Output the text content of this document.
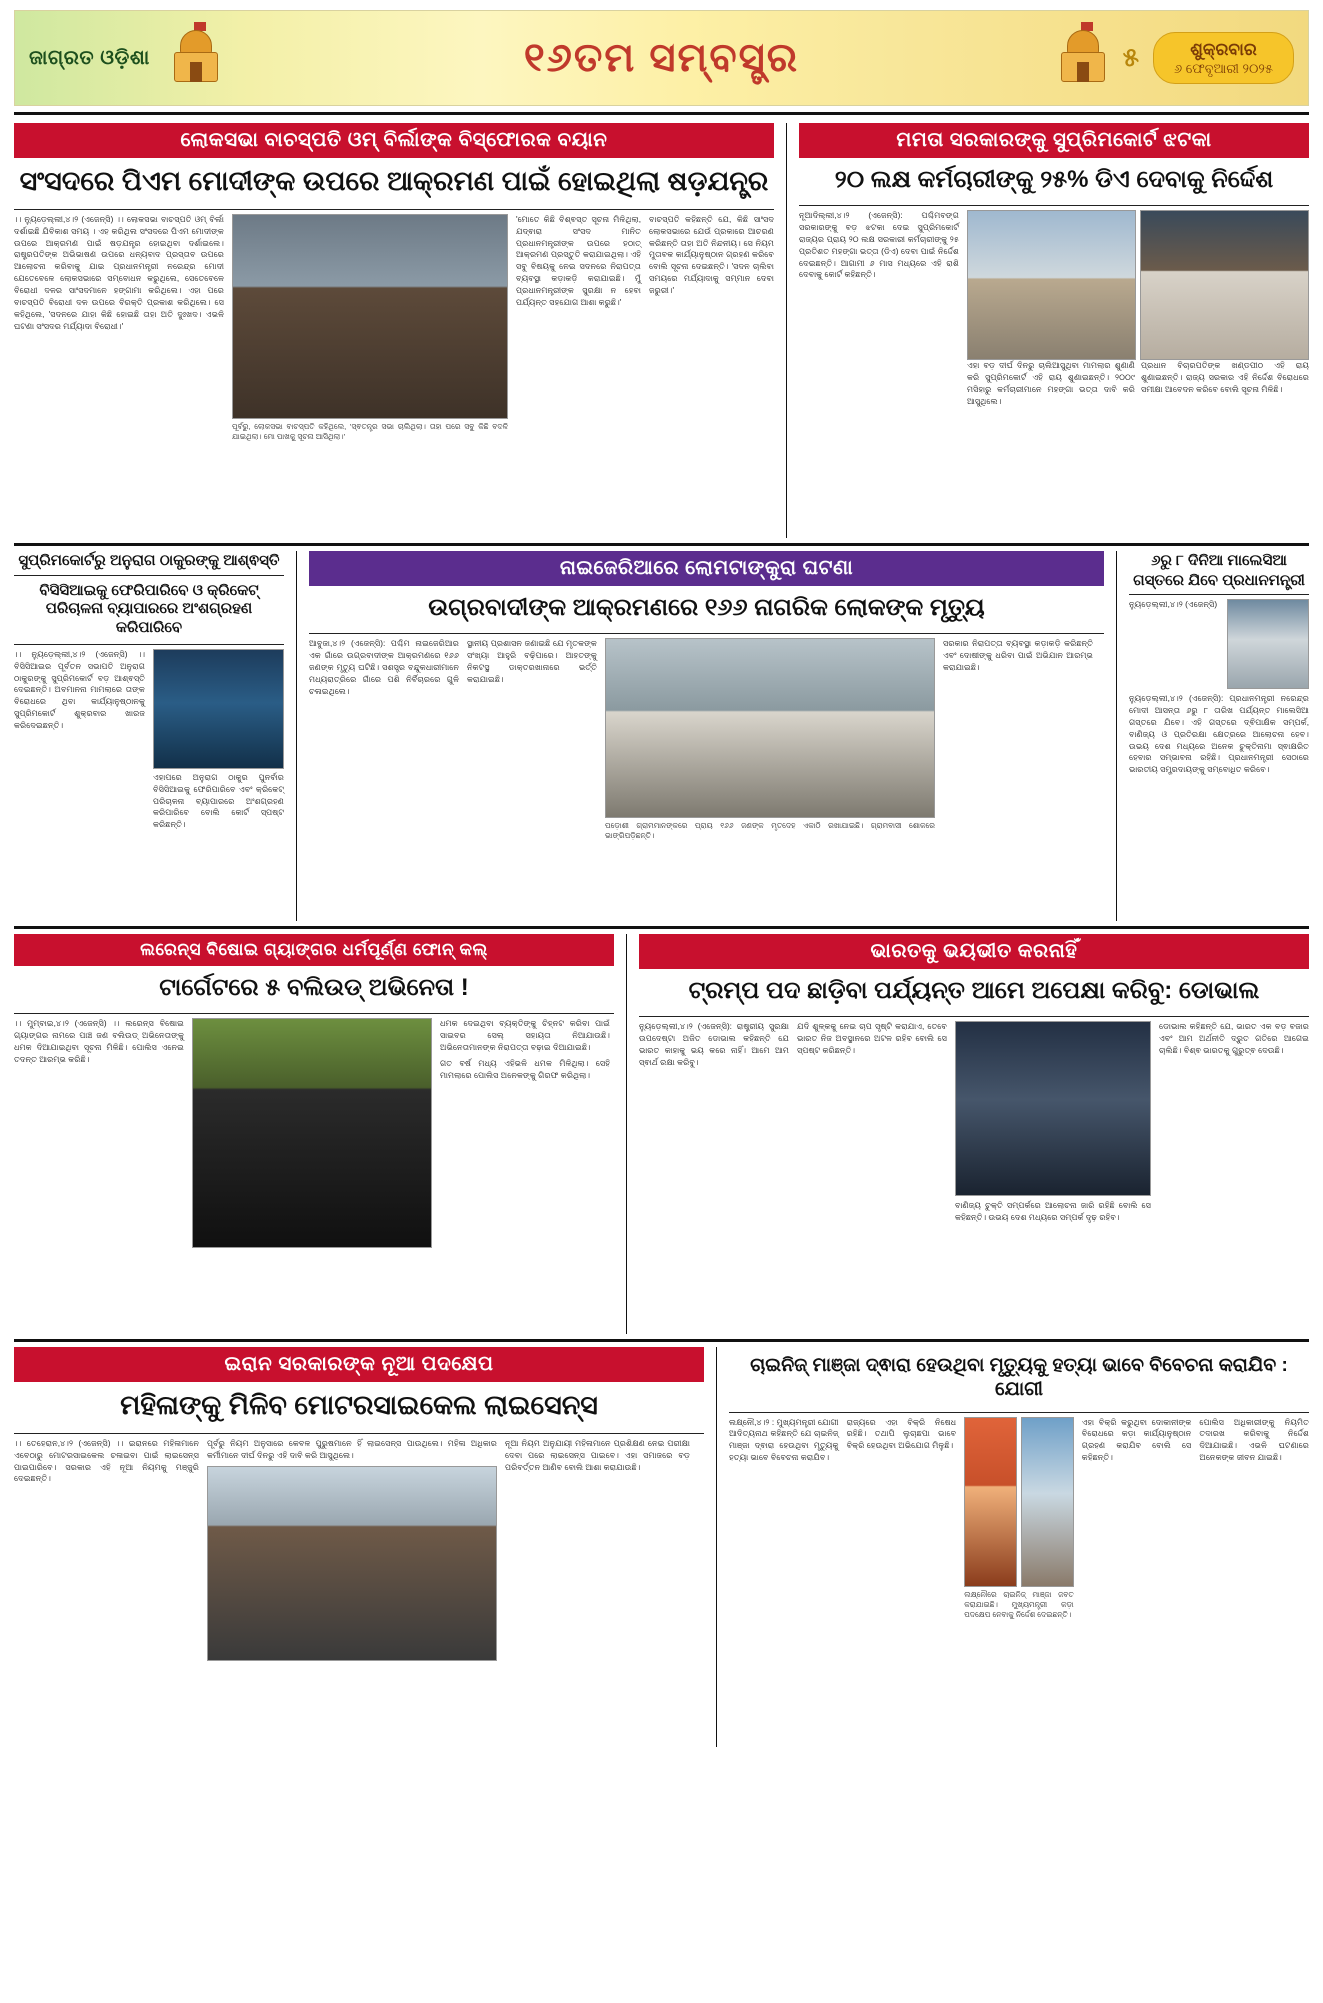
ଜାଗ୍ରତ ଓଡ଼ିଶା	୧୬ତମ ସମ୍ବସ୍ତ୍ର	୫	ଶୁକ୍ରବାର
୬ ଫେବୃଆରୀ ୨୦୨୫
ଲୋକସଭା ବାଚସ୍ପତି ଓମ୍ ବିର୍ଲାଙ୍କ ବିସ୍ଫୋରକ ବୟାନ
ସଂସଦରେ ପିଏମ ମୋଦୀଙ୍କ ଉପରେ ଆକ୍ରମଣ ପାଇଁ ହୋଇଥିଲା ଷଡ଼ଯନ୍ତ୍ର
।। ନ୍ୟୁଡ଼େଲ୍ଲୀ,୪।୨ (ଏଜେନ୍ସି) ।। ଲୋକସଭା ବାଚସ୍ପତି ଓମ୍ ବିର୍ଲା ଦର୍ଶାଇଛି ଯିବିକାଶ ସମୟ । ଏହ କରିଥିଲ ସଂସଦରେ ପିଏମ ମୋଦୀଙ୍କ ଉପରେ ଆକ୍ରମଣ ପାଇଁ ଷଡ଼ଯନ୍ତ୍ର ହୋଇଥିବା ଦର୍ଶାଇଲେ। ରାଷ୍ଟ୍ରପତିଙ୍କ ଅଭିଭାଷଣ ଉପରେ ଧନ୍ୟବାଦ ପ୍ରସ୍ତାବ ଉପରେ ଆଲୋଚନା କରିବାକୁ ଯାଇ ପ୍ରଧାନମନ୍ତ୍ରୀ ନରେନ୍ଦ୍ର ମୋଦୀ ଯେତେବେଳେ ଲୋକସଭାରେ ସମ୍ବୋଧନ କରୁଥିଲେ, ସେତେବେଳେ ବିରୋଧୀ ଦଳର ସାଂସଦମାନେ ହଙ୍ଗାମା କରିଥିଲେ। ଏହା ପରେ ବାଚସ୍ପତି ବିରୋଧୀ ଦଳ ଉପରେ ବିରକ୍ତି ପ୍ରକାଶ କରିଥିଲେ। ସେ କହିଥିଲେ, 'ସଦନରେ ଯାହା କିଛି ହୋଇଛି ତାହା ଅତି ଦୁଃଖଦ। ଏଭଳି ଘଟଣା ସଂସଦର ମର୍ଯ୍ୟାଦା ବିରୋଧୀ।'
ପୂର୍ବରୁ, ଲୋକସଭା ବାଚସ୍ପତି କହିଥିଲେ, 'ସ୍ଵତନ୍ତ୍ର ସଭା ଚାଲିଥିଲା। ତାହା ପରେ ସବୁ କିଛି ବଦଳି ଯାଇଥିଲା। ମୋ ପାଖକୁ ସୂଚନା ଆସିଥିଲା।'
'ମୋତେ କିଛି ବିଶ୍ଵସ୍ତ ସୂଚନା ମିଳିଥିଲା, ଯଦ୍ଵାରା ସଂସଦ ମାନିତ ପ୍ରଧାନମନ୍ତ୍ରୀଙ୍କ ଉପରେ ହଠାତ୍ ଆକ୍ରମଣ ପ୍ରସ୍ତୁତି କରାଯାଇଥିଲା। ଏହି ସବୁ ବିଷୟକୁ ନେଇ ସଦନରେ ନିରାପତ୍ତା ବ୍ୟବସ୍ଥା କଡ଼ାକଡ଼ି କରାଯାଇଛି। ମୁଁ ପ୍ରଧାନମନ୍ତ୍ରୀଙ୍କ ସୁରକ୍ଷା ନ ହେବା ପର୍ଯ୍ୟନ୍ତ ସହଯୋଗ ଆଶା କରୁଛି।'
ବାଚସ୍ପତି କହିଛନ୍ତି ଯେ, କିଛି ସାଂସଦ ଲୋକସଭାରେ ଯେଉଁ ପ୍ରକାରେ ଆଚରଣ କରିଛନ୍ତି ତାହା ଅତି ନିନ୍ଦନୀୟ। ସେ ନିୟମ ମୁତାବକ କାର୍ଯ୍ୟାନୁଷ୍ଠାନ ଗ୍ରହଣ କରିବେ ବୋଲି ସୂଚନା ଦେଇଛନ୍ତି। 'ସଦନ ଚାଲିବା ସମୟରେ ମର୍ଯ୍ୟାଦାକୁ ସମ୍ମାନ ଦେବା ଜରୁରୀ।'
ମମତା ସରକାରଙ୍କୁ ସୁପ୍ରିମକୋର୍ଟ ଝଟକା
୨୦ ଲକ୍ଷ କର୍ମଚାରୀଙ୍କୁ ୨୫% ଡିଏ ଦେବାକୁ ନିର୍ଦ୍ଦେଶ
ନୂଆଦିଲ୍ଲୀ,୪।୨ (ଏଜେନ୍ସି): ପଶ୍ଚିମବଙ୍ଗ ସରକାରଙ୍କୁ ବଡ଼ ଝଟକା ଦେଇ ସୁପ୍ରିମକୋର୍ଟ ରାଜ୍ୟର ପ୍ରାୟ ୨୦ ଲକ୍ଷ ସରକାରୀ କର୍ମଚାରୀଙ୍କୁ ୨୫ ପ୍ରତିଶତ ମହଙ୍ଗା ଭତ୍ତା (ଡିଏ) ଦେବା ପାଇଁ ନିର୍ଦ୍ଦେଶ ଦେଇଛନ୍ତି। ଆଗାମୀ ୬ ମାସ ମଧ୍ୟରେ ଏହି ରାଶି ଦେବାକୁ କୋର୍ଟ କହିଛନ୍ତି।
ଏହା ବଡ଼ ଦୀର୍ଘ ଦିନରୁ ଚାଲିଆସୁଥିବା ମାମଲାର ଶୁଣାଣି କରି ସୁପ୍ରିମକୋର୍ଟ ଏହି ରାୟ ଶୁଣାଇଛନ୍ତି। ୨୦୦୯ ମସିହାରୁ କର୍ମଚାରୀମାନେ ମହଙ୍ଗା ଭତ୍ତା ଦାବି କରି ଆସୁଥିଲେ।
ପ୍ରଧାନ ବିଚାରପତିଙ୍କ ଖଣ୍ଡପୀଠ ଏହି ରାୟ ଶୁଣାଇଛନ୍ତି। ରାଜ୍ୟ ସରକାର ଏହି ନିର୍ଦ୍ଦେଶ ବିରୋଧରେ ସମୀକ୍ଷା ଆବେଦନ କରିବେ ବୋଲି ସୂଚନା ମିଳିଛି।
ସୁପ୍ରିମକୋର୍ଟରୁ ଅନୁରାଗ ଠାକୁରଙ୍କୁ ଆଶ୍ଵସ୍ତି
ବିସିସିଆଇକୁ ଫେରିପାରିବେ ଓ କ୍ରିକେଟ୍ ପରିଚାଳନା ବ୍ୟାପାରରେ ଅଂଶଗ୍ରହଣ କରିପାରିବେ
।। ନ୍ୟୁଡ଼େଲ୍ଲୀ,୪।୨ (ଏଜେନ୍ସି) ।। ବିସିସିଆଇର ପୂର୍ବତନ ସଭାପତି ଅନୁରାଗ ଠାକୁରଙ୍କୁ ସୁପ୍ରିମକୋର୍ଟ ବଡ଼ ଆଶ୍ଵସ୍ତି ଦେଇଛନ୍ତି। ଅବମାନନା ମାମଲାରେ ତାଙ୍କ ବିରୋଧରେ ଥିବା କାର୍ଯ୍ୟାନୁଷ୍ଠାନକୁ ସୁପ୍ରିମକୋର୍ଟ ଶୁକ୍ରବାର ଖାରଜ କରିଦେଇଛନ୍ତି।
ଏହାପରେ ଅନୁରାଗ ଠାକୁର ପୁନର୍ବାର ବିସିସିଆଇକୁ ଫେରିପାରିବେ ଏବଂ କ୍ରିକେଟ୍ ପରିଚାଳନା ବ୍ୟାପାରରେ ଅଂଶଗ୍ରହଣ କରିପାରିବେ ବୋଲି କୋର୍ଟ ସ୍ପଷ୍ଟ କରିଛନ୍ତି।
ନାଇଜେରିଆରେ ଲୋମଟାଙ୍କୁରା ଘଟଣା
ଉଗ୍ରବାଦୀଙ୍କ ଆକ୍ରମଣରେ ୧୬୬ ନାଗରିକ ଲୋକଙ୍କ ମୃତ୍ୟୁ
ଆବୁଜା,୪।୨ (ଏଜେନ୍ସି): ପଶ୍ଚିମ ନାଇଜେରିଆର ଏକ ଗାଁରେ ଉଗ୍ରବାଦୀଙ୍କ ଆକ୍ରମଣରେ ୧୬୬ ଜଣଙ୍କ ମୃତ୍ୟୁ ଘଟିଛି। ସଶସ୍ତ୍ର ବନ୍ଦୁକଧାରୀମାନେ ମଧ୍ୟରାତ୍ରିରେ ଗାଁରେ ପଶି ନିର୍ବିଚାରରେ ଗୁଳି ଚଳାଇଥିଲେ।
ସ୍ଥାନୀୟ ପ୍ରଶାସନ ଜଣାଇଛି ଯେ ମୃତକଙ୍କ ସଂଖ୍ୟା ଆହୁରି ବଢ଼ିପାରେ। ଆହତଙ୍କୁ ନିକଟସ୍ଥ ଡାକ୍ତରଖାନାରେ ଭର୍ତ୍ତି କରାଯାଇଛି।
ପଡ଼ୋଶୀ ଗ୍ରାମମାନଙ୍କରେ ପ୍ରାୟ ୧୬୬ ଜଣଙ୍କ ମୃତଦେହ ଏକାଠି ରଖାଯାଇଛି। ଗ୍ରାମବାସୀ ଶୋକରେ ଭାଙ୍ଗିପଡ଼ିଛନ୍ତି।
ସରକାର ନିରାପତ୍ତା ବ୍ୟବସ୍ଥା କଡ଼ାକଡ଼ି କରିଛନ୍ତି ଏବଂ ଦୋଷୀଙ୍କୁ ଧରିବା ପାଇଁ ଅଭିଯାନ ଆରମ୍ଭ କରାଯାଇଛି।
୬ରୁ ୮ ଦିନିଆ ମାଲେସିଆ ଗସ୍ତରେ ଯିବେ ପ୍ରଧାନମନ୍ତ୍ରୀ
ନ୍ୟୁଡ଼େଲ୍ଲୀ,୪।୨ (ଏଜେନ୍ସି)
ନ୍ୟୁଡ଼େଲ୍ଲୀ,୪।୨ (ଏଜେନ୍ସି): ପ୍ରଧାନମନ୍ତ୍ରୀ ନରେନ୍ଦ୍ର ମୋଦୀ ଆସନ୍ତା ୬ରୁ ୮ ତାରିଖ ପର୍ଯ୍ୟନ୍ତ ମାଲେସିଆ ଗସ୍ତରେ ଯିବେ। ଏହି ଗସ୍ତରେ ଦ୍ଵିପାକ୍ଷିକ ସମ୍ପର୍କ, ବାଣିଜ୍ୟ ଓ ପ୍ରତିରକ୍ଷା କ୍ଷେତ୍ରରେ ଆଲୋଚନା ହେବ। ଉଭୟ ଦେଶ ମଧ୍ୟରେ ଅନେକ ଚୁକ୍ତିନାମା ସ୍ଵାକ୍ଷରିତ ହେବାର ସମ୍ଭାବନା ରହିଛି। ପ୍ରଧାନମନ୍ତ୍ରୀ ସେଠାରେ ଭାରତୀୟ ସମ୍ପ୍ରଦାୟଙ୍କୁ ସମ୍ବୋଧିତ କରିବେ।
ଲରେନ୍ସ ବିଷୋଇ ଗ୍ୟାଙ୍ଗର ଧର୍ମପୂର୍ଣ୍ଣ ଫୋନ୍ କଲ୍
ଟାର୍ଗେଟରେ ୫ ବଲିଉଡ୍ ଅଭିନେତା !
।। ମୁମ୍ବାଇ,୪।୨ (ଏଜେନ୍ସି) ।। ଲରେନ୍ସ ବିଷୋଇ ଗ୍ୟାଙ୍ଗର ନାମରେ ପାଞ୍ଚ ଜଣ ବଲିଉଡ୍ ଅଭିନେତାଙ୍କୁ ଧମକ ଦିଆଯାଇଥିବା ସୂଚନା ମିଳିଛି। ପୋଲିସ ଏନେଇ ତଦନ୍ତ ଆରମ୍ଭ କରିଛି।
ଧମକ ଦେଇଥିବା ବ୍ୟକ୍ତିଙ୍କୁ ଚିହ୍ନଟ କରିବା ପାଇଁ ସାଇବର ସେଲ୍ ସହାୟତା ନିଆଯାଉଛି। ଅଭିନେତାମାନଙ୍କ ନିରାପତ୍ତା ବଢ଼ାଇ ଦିଆଯାଇଛି।
ଗତ ବର୍ଷ ମଧ୍ୟ ଏହିଭଳି ଧମକ ମିଳିଥିଲା। ସେହି ମାମଲାରେ ପୋଲିସ ଅନେକଙ୍କୁ ଗିରଫ କରିଥିଲା।
ଭାରତକୁ ଭୟଭୀତ କରନାହିଁ
ଟ୍ରମ୍ପ ପଦ ଛାଡ଼ିବା ପର୍ଯ୍ୟନ୍ତ ଆମେ ଅପେକ୍ଷା କରିବୁ: ଡୋଭାଲ
ନ୍ୟୁଡ଼େଲ୍ଲୀ,୪।୨ (ଏଜେନ୍ସି): ରାଷ୍ଟ୍ରୀୟ ସୁରକ୍ଷା ଉପଦେଷ୍ଟା ଅଜିତ ଡୋଭାଲ କହିଛନ୍ତି ଯେ ଭାରତ କାହାକୁ ଭୟ କରେ ନାହିଁ। ଆମେ ଆମ ସ୍ଵାର୍ଥ ରକ୍ଷା କରିବୁ।
ଯଦି ଶୁଳ୍କକୁ ନେଇ ଚାପ ସୃଷ୍ଟି କରାଯାଏ, ତେବେ ଭାରତ ନିଜ ଅବସ୍ଥାନରେ ଅଟଳ ରହିବ ବୋଲି ସେ ସ୍ପଷ୍ଟ କରିଛନ୍ତି।
ବାଣିଜ୍ୟ ଚୁକ୍ତି ସମ୍ପର୍କରେ ଆଲୋଚନା ଜାରି ରହିଛି ବୋଲି ସେ କହିଛନ୍ତି। ଉଭୟ ଦେଶ ମଧ୍ୟରେ ସମ୍ପର୍କ ଦୃଢ଼ ରହିବ।
ଡୋଭାଲ କହିଛନ୍ତି ଯେ, ଭାରତ ଏକ ବଡ଼ ବଜାର ଏବଂ ଆମ ଅର୍ଥନୀତି ଦ୍ରୁତ ଗତିରେ ଆଗେଇ ଚାଲିଛି। ବିଶ୍ଵ ଭାରତକୁ ଗୁରୁତ୍ଵ ଦେଉଛି।
ଇରାନ ସରକାରଙ୍କ ନୂଆ ପଦକ୍ଷେପ
ମହିଳାଙ୍କୁ ମିଳିବ ମୋଟରସାଇକେଲ ଲାଇସେନ୍ସ
।। ତେହେରାନ,୪।୨ (ଏଜେନ୍ସି) ।। ଇରାନରେ ମହିଳାମାନେ ଏବେଠାରୁ ମୋଟରସାଇକେଲ ଚଳାଇବା ପାଇଁ ଲାଇସେନ୍ସ ପାଇପାରିବେ। ସରକାର ଏହି ନୂଆ ନିୟମକୁ ମଞ୍ଜୁରି ଦେଇଛନ୍ତି।
ପୂର୍ବରୁ ନିୟମ ଅନୁସାରେ କେବଳ ପୁରୁଷମାନେ ହିଁ ଲାଇସେନ୍ସ ପାଉଥିଲେ। ମହିଳା ଅଧିକାର କର୍ମୀମାନେ ଦୀର୍ଘ ଦିନରୁ ଏହି ଦାବି କରି ଆସୁଥିଲେ।
ନୂଆ ନିୟମ ଅନୁଯାୟୀ ମହିଳାମାନେ ପ୍ରଶିକ୍ଷଣ ନେଇ ପରୀକ୍ଷା ଦେବା ପରେ ଲାଇସେନ୍ସ ପାଇବେ। ଏହା ସମାଜରେ ବଡ଼ ପରିବର୍ତ୍ତନ ଆଣିବ ବୋଲି ଆଶା କରାଯାଉଛି।
ଚାଇନିଜ୍ ମାଞ୍ଜା ଦ୍ଵାରା ହେଉଥିବା ମୃତ୍ୟୁକୁ ହତ୍ୟା ଭାବେ ବିବେଚନା କରାଯିବ : ଯୋଗୀ
ଲକ୍ଷ୍ନୌ,୪।୨ : ମୁଖ୍ୟମନ୍ତ୍ରୀ ଯୋଗୀ ଆଦିତ୍ୟନାଥ କହିଛନ୍ତି ଯେ ଚାଇନିଜ୍ ମାଞ୍ଜା ଦ୍ଵାରା ହେଉଥିବା ମୃତ୍ୟୁକୁ ହତ୍ୟା ଭାବେ ବିବେଚନା କରାଯିବ।
ରାଜ୍ୟରେ ଏହା ବିକ୍ରି ନିଷେଧ ରହିଛି। ତଥାପି ଲୁଚାଛପା ଭାବେ ବିକ୍ରି ହେଉଥିବା ଅଭିଯୋଗ ମିଳୁଛି।
ଲକ୍ଷ୍ନୌରେ ଚାଇନିଜ୍ ମାଞ୍ଜା ଜବତ କରାଯାଇଛି। ମୁଖ୍ୟମନ୍ତ୍ରୀ କଡ଼ା ପଦକ୍ଷେପ ନେବାକୁ ନିର୍ଦ୍ଦେଶ ଦେଇଛନ୍ତି।
ଏହା ବିକ୍ରି କରୁଥିବା ଦୋକାନୀଙ୍କ ବିରୋଧରେ କଡ଼ା କାର୍ଯ୍ୟାନୁଷ୍ଠାନ ଗ୍ରହଣ କରାଯିବ ବୋଲି ସେ କହିଛନ୍ତି।
ପୋଲିସ ଅଧିକାରୀଙ୍କୁ ନିୟମିତ ତଦାରଖ କରିବାକୁ ନିର୍ଦ୍ଦେଶ ଦିଆଯାଇଛି। ଏଭଳି ଘଟଣାରେ ଅନେକଙ୍କ ଜୀବନ ଯାଇଛି।
